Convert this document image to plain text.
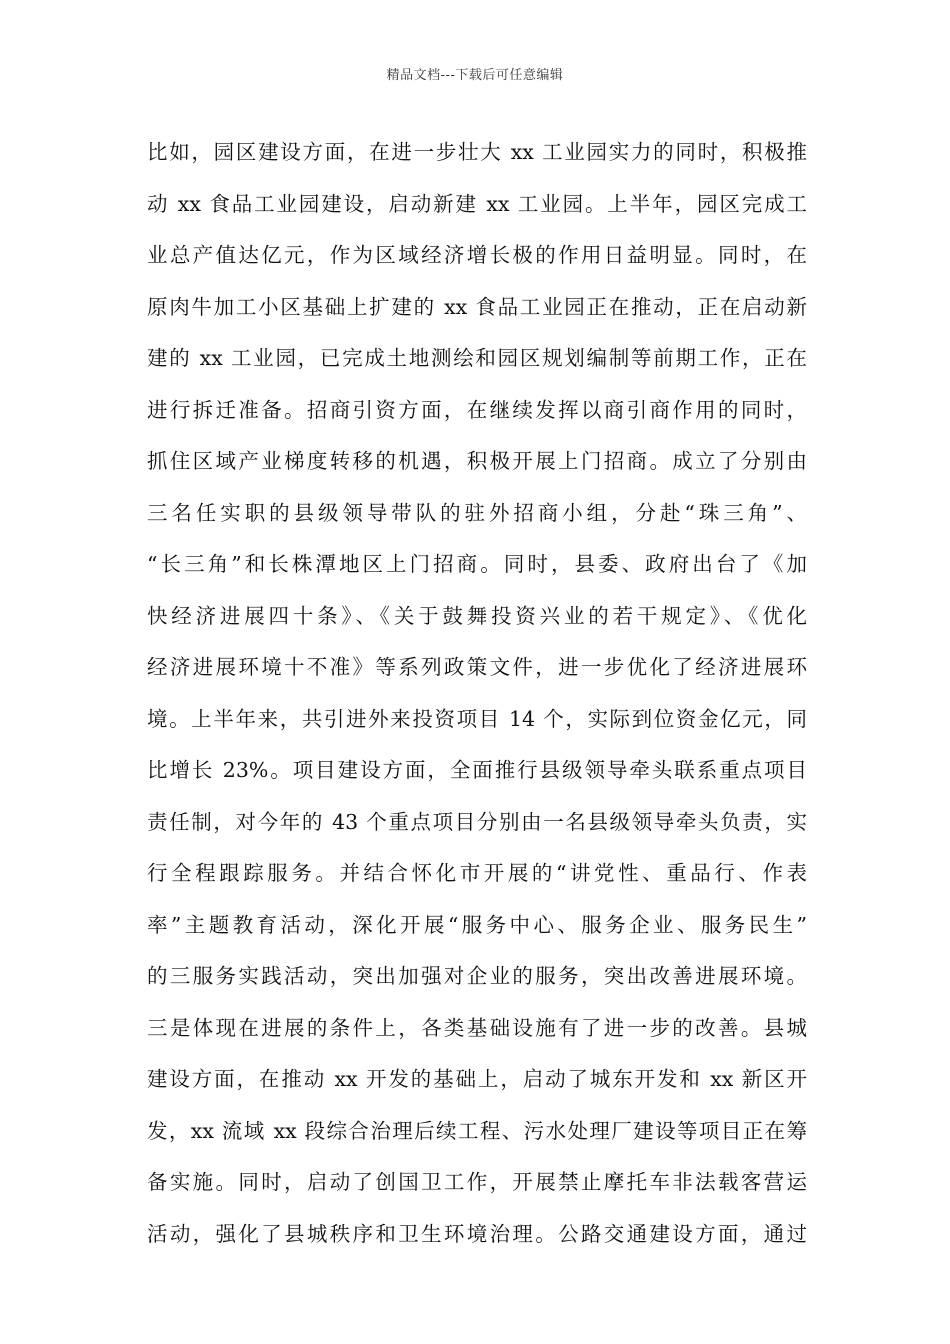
精品文档---下载后可任意编辑
比如，园区建设方面，在进一步壮大 xx 工业园实力的同时，积极推
动 xx 食品工业园建设，启动新建 xx 工业园。上半年，园区完成工
业总产值达亿元，作为区域经济增长极的作用日益明显。同时，在
原肉牛加工小区基础上扩建的 xx 食品工业园正在推动，正在启动新
建的 xx 工业园，已完成土地测绘和园区规划编制等前期工作，正在
进行拆迁准备。招商引资方面，在继续发挥以商引商作用的同时，
抓住区域产业梯度转移的机遇，积极开展上门招商。成立了分别由
三名任实职的县级领导带队的驻外招商小组，分赴“珠三角”、
“长三角”和长株潭地区上门招商。同时，县委、政府出台了《加
快经济进展四十条》、《关于鼓舞投资兴业的若干规定》、《优化
经济进展环境十不准》等系列政策文件，进一步优化了经济进展环
境。上半年来，共引进外来投资项目 14 个，实际到位资金亿元，同
比增长 23%。项目建设方面，全面推行县级领导牵头联系重点项目
责任制，对今年的 43 个重点项目分别由一名县级领导牵头负责，实
行全程跟踪服务。并结合怀化市开展的“讲党性、重品行、作表
率”主题教育活动，深化开展“服务中心、服务企业、服务民生”
的三服务实践活动，突出加强对企业的服务，突出改善进展环境。
三是体现在进展的条件上，各类基础设施有了进一步的改善。县城
建设方面，在推动 xx 开发的基础上，启动了城东开发和 xx 新区开
发，xx 流域 xx 段综合治理后续工程、污水处理厂建设等项目正在筹
备实施。同时，启动了创国卫工作，开展禁止摩托车非法载客营运
活动，强化了县城秩序和卫生环境治理。公路交通建设方面，通过
